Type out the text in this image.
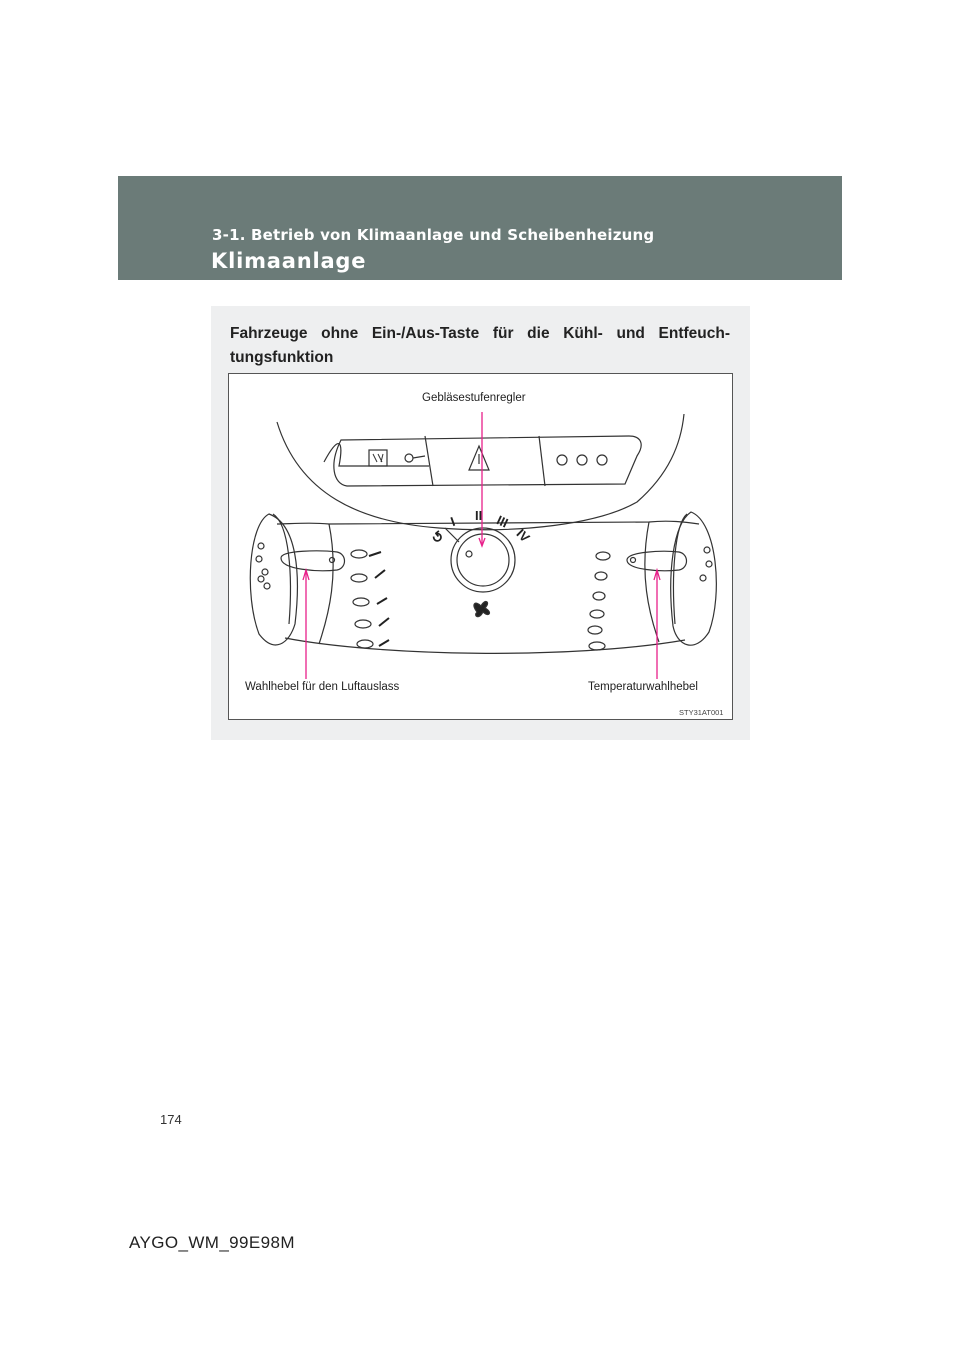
3-1. Betrieb von Klimaanlage und Scheibenheizung
Klimaanlage
Fahrzeuge ohne Ein-/Aus-Taste für die Kühl- und Entfeuch-tungsfunktion
↺
I II III
IV
Gebläsestufenregler
Wahlhebel für den Luftauslass	Temperaturwahlhebel
STY31AT001
174
AYGO_WM_99E98M
